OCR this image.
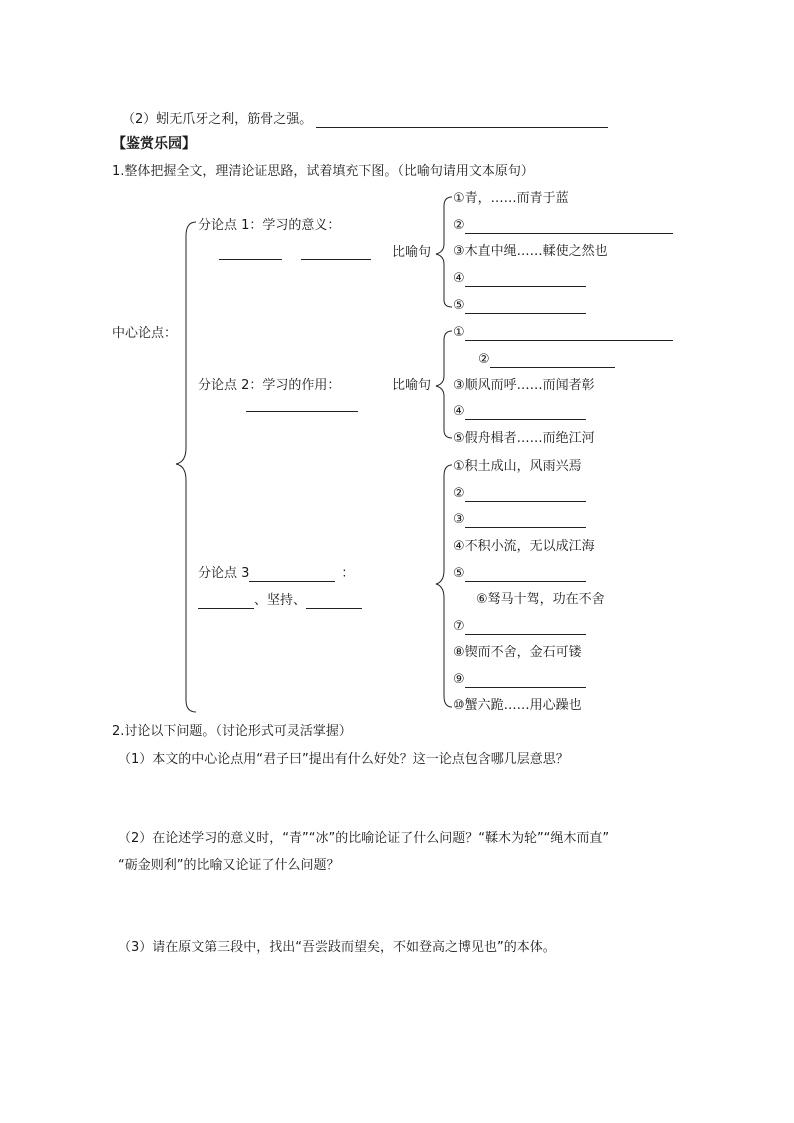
（2）蚓无爪牙之利，筋骨之强。
【鉴赏乐园】
1.整体把握全文，理清论证思路，试着填充下图。（比喻句请用文本原句）
中心论点：
分论点 1：学习的意义：

比喻句
分论点 2：学习的作用：	比喻句
分论点 3	：
、坚持、
①青，……而青于蓝
②
③木直中绳……輮使之然也
④
⑤
①
②
③顺风而呼……而闻者彰
④
⑤假舟楫者……而绝江河
①积土成山，风雨兴焉
②
③
④不积小流，无以成江海
⑤
⑥驽马十驾，功在不舍
⑦
⑧锲而不舍，金石可镂
⑨
⑩蟹六跪……用心躁也
2.讨论以下问题。（讨论形式可灵活掌握）
（1）本文的中心论点用“君子曰”提出有什么好处？这一论点包含哪几层意思？
（2）在论述学习的意义时，“青”“冰”的比喻论证了什么问题？“鞣木为轮”“绳木而直”
“砺金则利”的比喻又论证了什么问题？
（3）请在原文第三段中，找出“吾尝跂而望矣，不如登高之博见也”的本体。
